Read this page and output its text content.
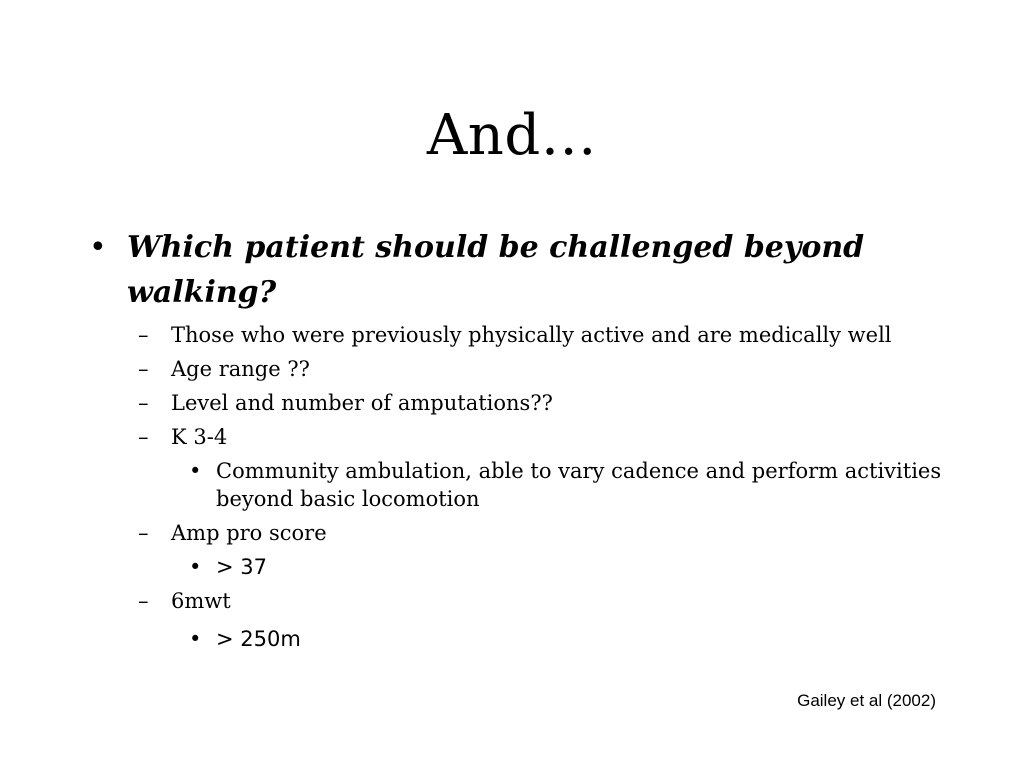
And…
• Which patient should be challenged beyond walking?
– Those who were previously physically active and are medically well
– Age range ??
– Level and number of amputations??
– K 3-4
• Community ambulation, able to vary cadence and perform activities beyond basic locomotion
– Amp pro score
• > 37
– 6mwt
• > 250m
Gailey et al (2002)
